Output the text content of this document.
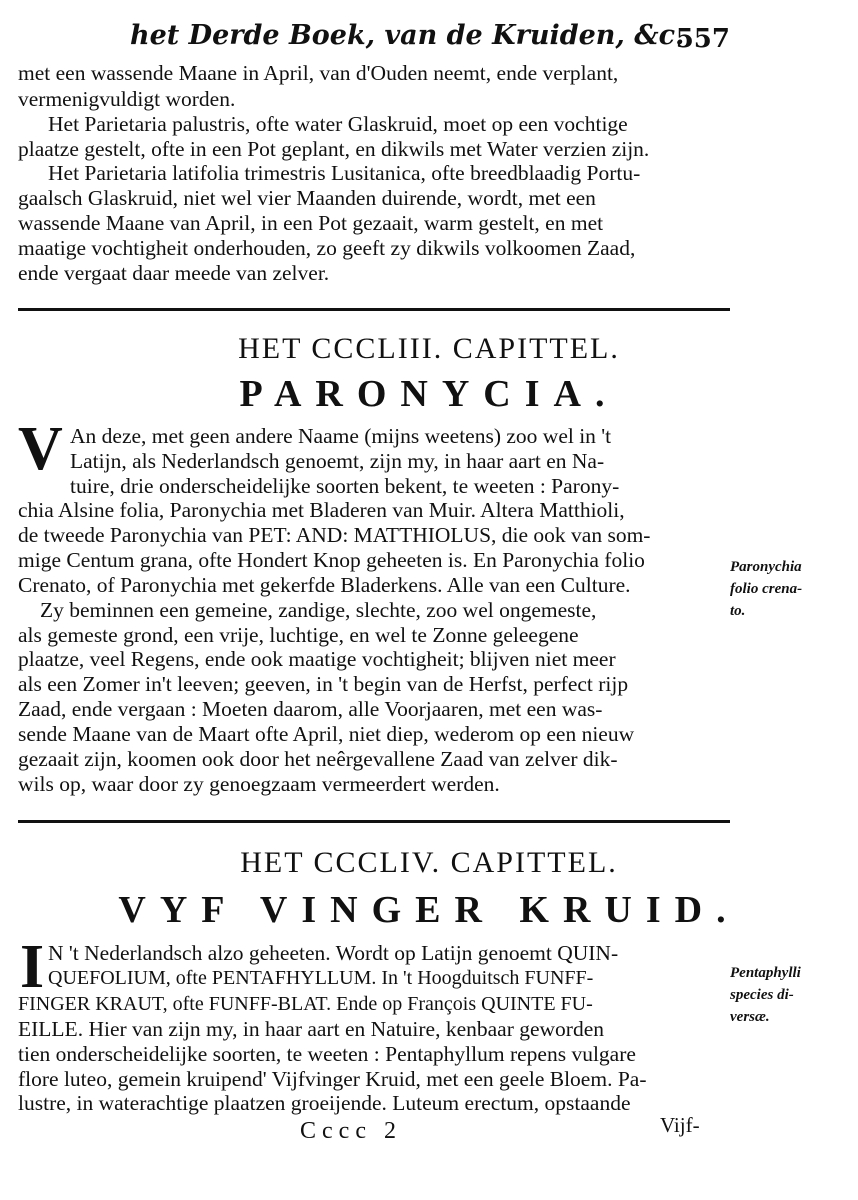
het Derde Boek, van de Kruiden, &c.
557
met een wassende Maane in April, van d'Ouden neemt, ende verplant,
vermenigvuldigt worden.
Het Parietaria palustris, ofte water Glaskruid, moet op een vochtige
plaatze gestelt, ofte in een Pot geplant, en dikwils met Water verzien zijn.
Het Parietaria latifolia trimestris Lusitanica, ofte breedblaadig Portu-
gaalsch Glaskruid, niet wel vier Maanden duirende, wordt, met een
wassende Maane van April, in een Pot gezaait, warm gestelt, en met
maatige vochtigheit onderhouden, zo geeft zy dikwils volkoomen Zaad,
ende vergaat daar meede van zelver.
HET CCCLIII. CAPITTEL.
PARONYCIA.
V An deze, met geen andere Naame (mijns weetens) zoo wel in 't
Latijn, als Nederlandsch genoemt, zijn my, in haar aart en Na-
tuire, drie onderscheidelijke soorten bekent, te weeten : Parony-
chia Alsine folia, Paronychia met Bladeren van Muir. Altera Matthioli,
de tweede Paronychia van PET: AND: MATTHIOLUS, die ook van som-
mige Centum grana, ofte Hondert Knop geheeten is. En Paronychia folio
Crenato, of Paronychia met gekerfde Bladerkens. Alle van een Culture.
Zy beminnen een gemeine, zandige, slechte, zoo wel ongemeste,
als gemeste grond, een vrije, luchtige, en wel te Zonne geleegene
plaatze, veel Regens, ende ook maatige vochtigheit; blijven niet meer
als een Zomer in't leeven; geeven, in 't begin van de Herfst, perfect rijp
Zaad, ende vergaan : Moeten daarom, alle Voorjaaren, met een was-
sende Maane van de Maart ofte April, niet diep, wederom op een nieuw
gezaait zijn, koomen ook door het neêrgevallene Zaad van zelver dik-
wils op, waar door zy genoegzaam vermeerdert werden.
Paronychia
folio crena-
to.
HET CCCLIV. CAPITTEL.
VYF VINGER KRUID.
I N 't Nederlandsch alzo geheeten. Wordt op Latijn genoemt QUIN-
QUEFOLIUM, ofte PENTAFHYLLUM. In 't Hoogduitsch FUNFF-
FINGER KRAUT, ofte FUNFF-BLAT. Ende op François QUINTE FU-
EILLE. Hier van zijn my, in haar aart en Natuire, kenbaar geworden
tien onderscheidelijke soorten, te weeten : Pentaphyllum repens vulgare
flore luteo, gemein kruipend' Vijfvinger Kruid, met een geele Bloem. Pa-
lustre, in waterachtige plaatzen groeijende. Luteum erectum, opstaande
Pentaphylli
species di-
versæ.
Cccc 2	Vijf-
